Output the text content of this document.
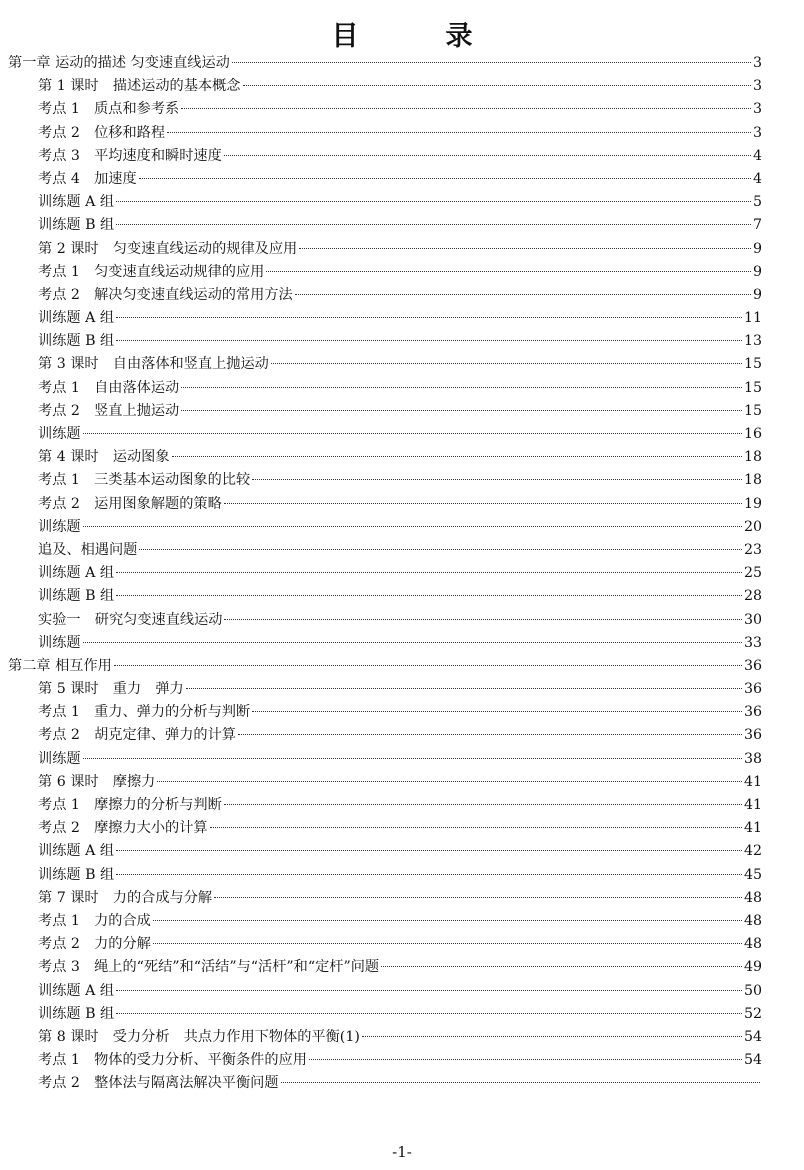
目　录
第一章 运动的描述 匀变速直线运动	3
第 1 课时　描述运动的基本概念	3
考点 1　质点和参考系	3
考点 2　位移和路程	3
考点 3　平均速度和瞬时速度	4
考点 4　加速度	4
训练题 A 组	5
训练题 B 组	7
第 2 课时　匀变速直线运动的规律及应用	9
考点 1　匀变速直线运动规律的应用	9
考点 2　解决匀变速直线运动的常用方法	9
训练题 A 组	11
训练题 B 组	13
第 3 课时　自由落体和竖直上抛运动	15
考点 1　自由落体运动	15
考点 2　竖直上抛运动	15
训练题	16
第 4 课时　运动图象	18
考点 1　三类基本运动图象的比较	18
考点 2　运用图象解题的策略	19
训练题	20
追及、相遇问题	23
训练题 A 组	25
训练题 B 组	28
实验一　研究匀变速直线运动	30
训练题	33
第二章 相互作用	36
第 5 课时　重力　弹力	36
考点 1　重力、弹力的分析与判断	36
考点 2　胡克定律、弹力的计算	36
训练题	38
第 6 课时　摩擦力	41
考点 1　摩擦力的分析与判断	41
考点 2　摩擦力大小的计算	41
训练题 A 组	42
训练题 B 组	45
第 7 课时　力的合成与分解	48
考点 1　力的合成	48
考点 2　力的分解	48
考点 3　绳上的“死结”和“活结”与“活杆”和“定杆”问题	49
训练题 A 组	50
训练题 B 组	52
第 8 课时　受力分析　共点力作用下物体的平衡(1)	54
考点 1　物体的受力分析、平衡条件的应用	54
考点 2　整体法与隔离法解决平衡问题
-1-
